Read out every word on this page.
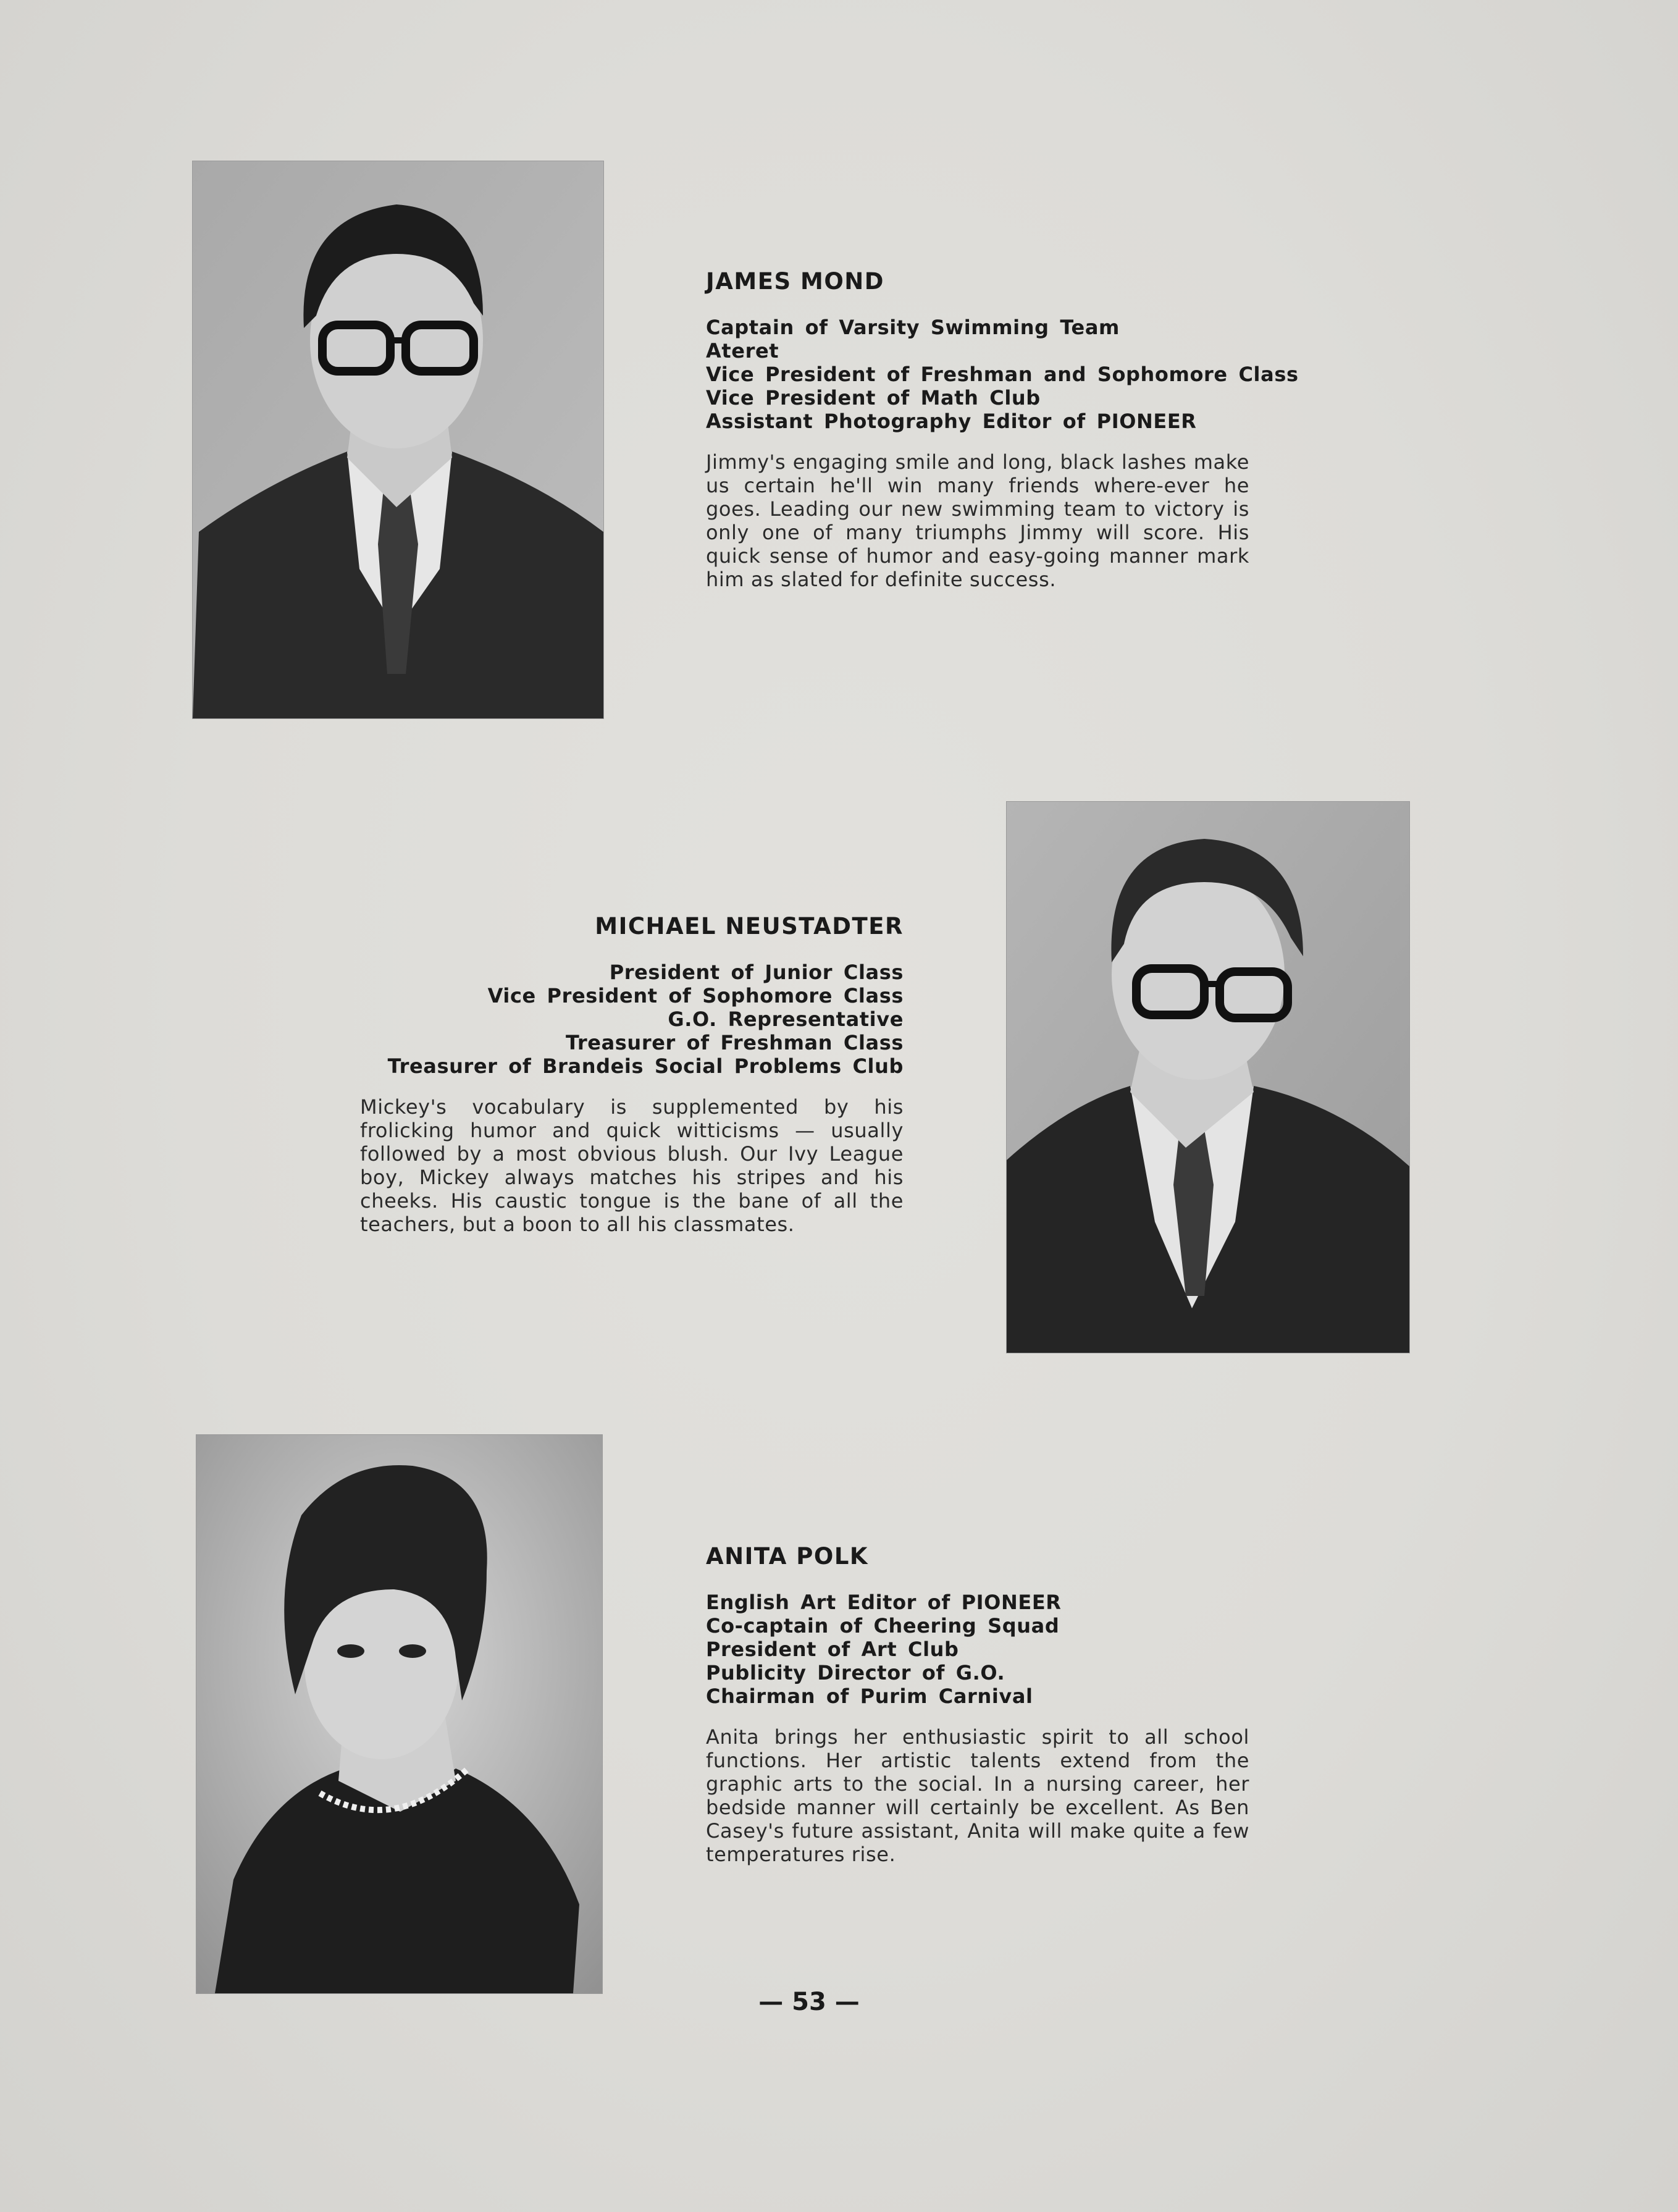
JAMES MOND
Captain of Varsity Swimming Team
Ateret
Vice President of Freshman and Sophomore Class
Vice President of Math Club
Assistant Photography Editor of PIONEER

Jimmy's engaging smile and long, black lashes make us certain he'll win many friends where-ever he goes. Leading our new swimming team to victory is only one of many triumphs Jimmy will score. His quick sense of humor and easy-going manner mark him as slated for definite success.

MICHAEL NEUSTADTER
President of Junior Class
Vice President of Sophomore Class
G.O. Representative
Treasurer of Freshman Class
Treasurer of Brandeis Social Problems Club

Mickey's vocabulary is supplemented by his frolicking humor and quick witticisms — usually followed by a most obvious blush. Our Ivy League boy, Mickey always matches his stripes and his cheeks. His caustic tongue is the bane of all the teachers, but a boon to all his classmates.

ANITA POLK
English Art Editor of PIONEER
Co-captain of Cheering Squad
President of Art Club
Publicity Director of G.O.
Chairman of Purim Carnival

Anita brings her enthusiastic spirit to all school functions. Her artistic talents extend from the graphic arts to the social. In a nursing career, her bedside manner will certainly be excellent. As Ben Casey's future assistant, Anita will make quite a few temperatures rise.

— 53 —
